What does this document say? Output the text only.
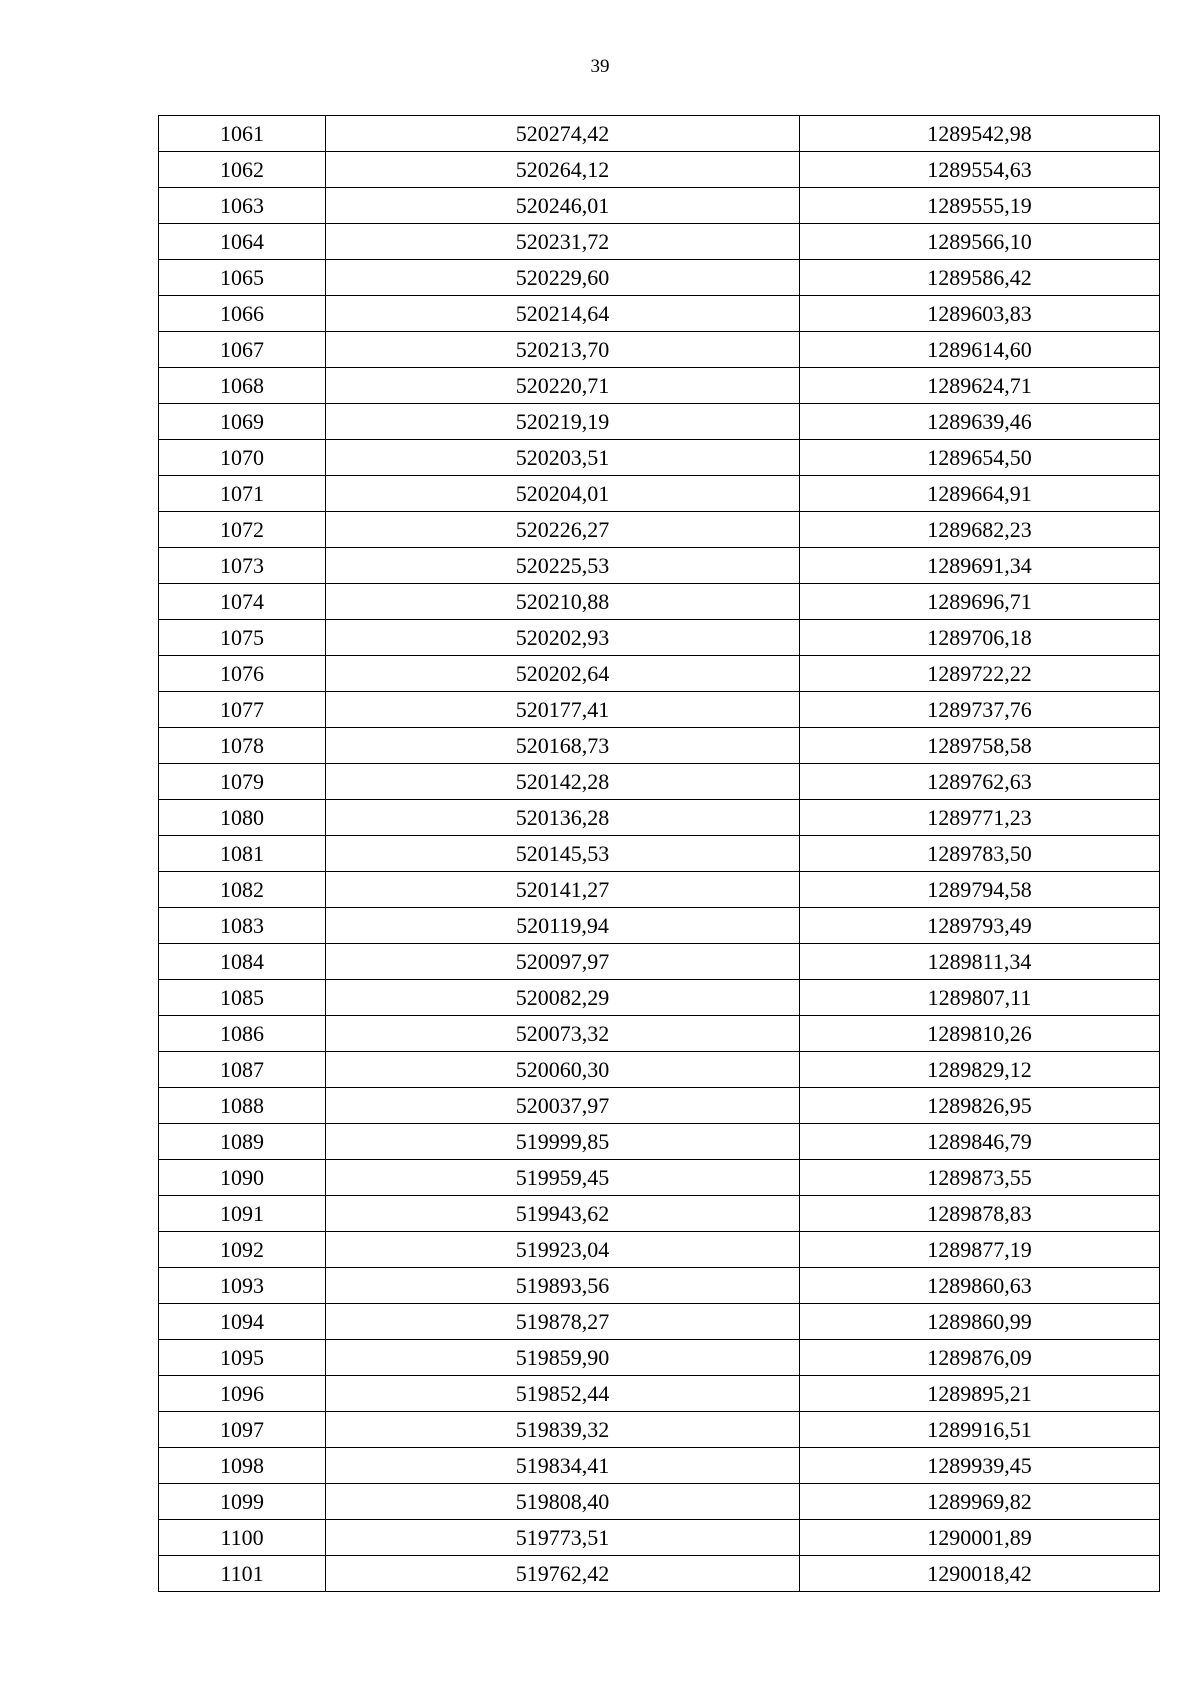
39
1061	520274,42	1289542,98
1062	520264,12	1289554,63
1063	520246,01	1289555,19
1064	520231,72	1289566,10
1065	520229,60	1289586,42
1066	520214,64	1289603,83
1067	520213,70	1289614,60
1068	520220,71	1289624,71
1069	520219,19	1289639,46
1070	520203,51	1289654,50
1071	520204,01	1289664,91
1072	520226,27	1289682,23
1073	520225,53	1289691,34
1074	520210,88	1289696,71
1075	520202,93	1289706,18
1076	520202,64	1289722,22
1077	520177,41	1289737,76
1078	520168,73	1289758,58
1079	520142,28	1289762,63
1080	520136,28	1289771,23
1081	520145,53	1289783,50
1082	520141,27	1289794,58
1083	520119,94	1289793,49
1084	520097,97	1289811,34
1085	520082,29	1289807,11
1086	520073,32	1289810,26
1087	520060,30	1289829,12
1088	520037,97	1289826,95
1089	519999,85	1289846,79
1090	519959,45	1289873,55
1091	519943,62	1289878,83
1092	519923,04	1289877,19
1093	519893,56	1289860,63
1094	519878,27	1289860,99
1095	519859,90	1289876,09
1096	519852,44	1289895,21
1097	519839,32	1289916,51
1098	519834,41	1289939,45
1099	519808,40	1289969,82
1100	519773,51	1290001,89
1101	519762,42	1290018,42
